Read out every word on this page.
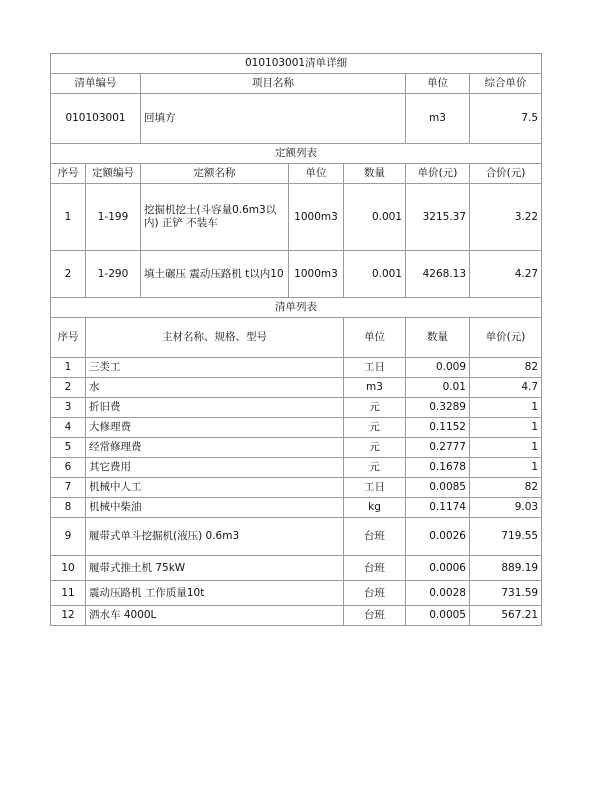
010103001清单详细							
清单编号		项目名称			单位	综合单价	
010103001		回填方			m3	7.5	
定额列表							
序号	定额编号	定额名称	单位	数量	单价(元)	合价(元)	
1	1-199	挖掘机挖土(斗容量0.6m3以内) 正铲 不装车	1000m3	0.001	3215.37	3.22	
2	1-290	填土碾压 震动压路机 t以内10	1000m3	0.001	4268.13	4.27	
清单列表							
序号	主材名称、规格、型号			单位	数量	单价(元)	
1	三类工			工日	0.009	82	
2	水			m3	0.01	4.7	
3	折旧费			元	0.3289	1	
4	大修理费			元	0.1152	1	
5	经常修理费			元	0.2777	1	
6	其它费用			元	0.1678	1	
7	机械中人工			工日	0.0085	82	
8	机械中柴油			kg	0.1174	9.03	
9	履带式单斗挖掘机(液压) 0.6m3			台班	0.0026	719.55	
10	履带式推土机 75kW			台班	0.0006	889.19	
11	震动压路机 工作质量10t			台班	0.0028	731.59	
12	洒水车 4000L			台班	0.0005	567.21	
